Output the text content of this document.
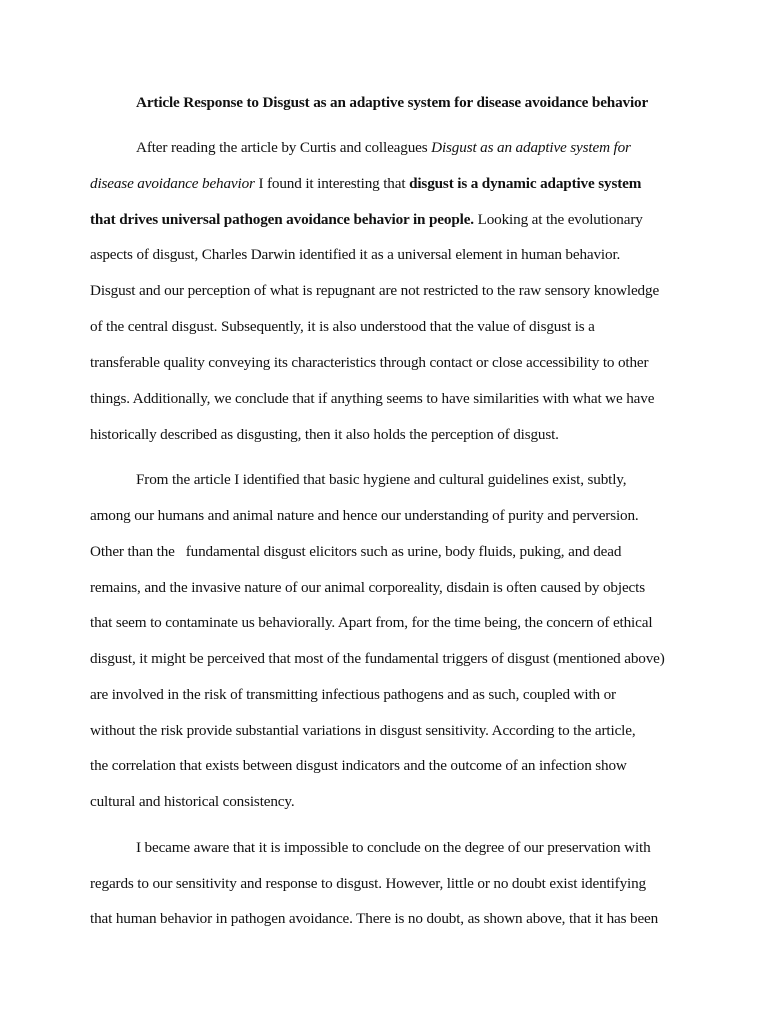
Article Response to Disgust as an adaptive system for disease avoidance behavior
After reading the article by Curtis and colleagues Disgust as an adaptive system for
disease avoidance behavior I found it interesting that disgust is a dynamic adaptive system
that drives universal pathogen avoidance behavior in people. Looking at the evolutionary
aspects of disgust, Charles Darwin identified it as a universal element in human behavior.
Disgust and our perception of what is repugnant are not restricted to the raw sensory knowledge
of the central disgust. Subsequently, it is also understood that the value of disgust is a
transferable quality conveying its characteristics through contact or close accessibility to other
things. Additionally, we conclude that if anything seems to have similarities with what we have
historically described as disgusting, then it also holds the perception of disgust.
From the article I identified that basic hygiene and cultural guidelines exist, subtly,
among our humans and animal nature and hence our understanding of purity and perversion.
Other than the   fundamental disgust elicitors such as urine, body fluids, puking, and dead
remains, and the invasive nature of our animal corporeality, disdain is often caused by objects
that seem to contaminate us behaviorally. Apart from, for the time being, the concern of ethical
disgust, it might be perceived that most of the fundamental triggers of disgust (mentioned above)
are involved in the risk of transmitting infectious pathogens and as such, coupled with or
without the risk provide substantial variations in disgust sensitivity. According to the article,
the correlation that exists between disgust indicators and the outcome of an infection show
cultural and historical consistency.
I became aware that it is impossible to conclude on the degree of our preservation with
regards to our sensitivity and response to disgust. However, little or no doubt exist identifying
that human behavior in pathogen avoidance. There is no doubt, as shown above, that it has been
